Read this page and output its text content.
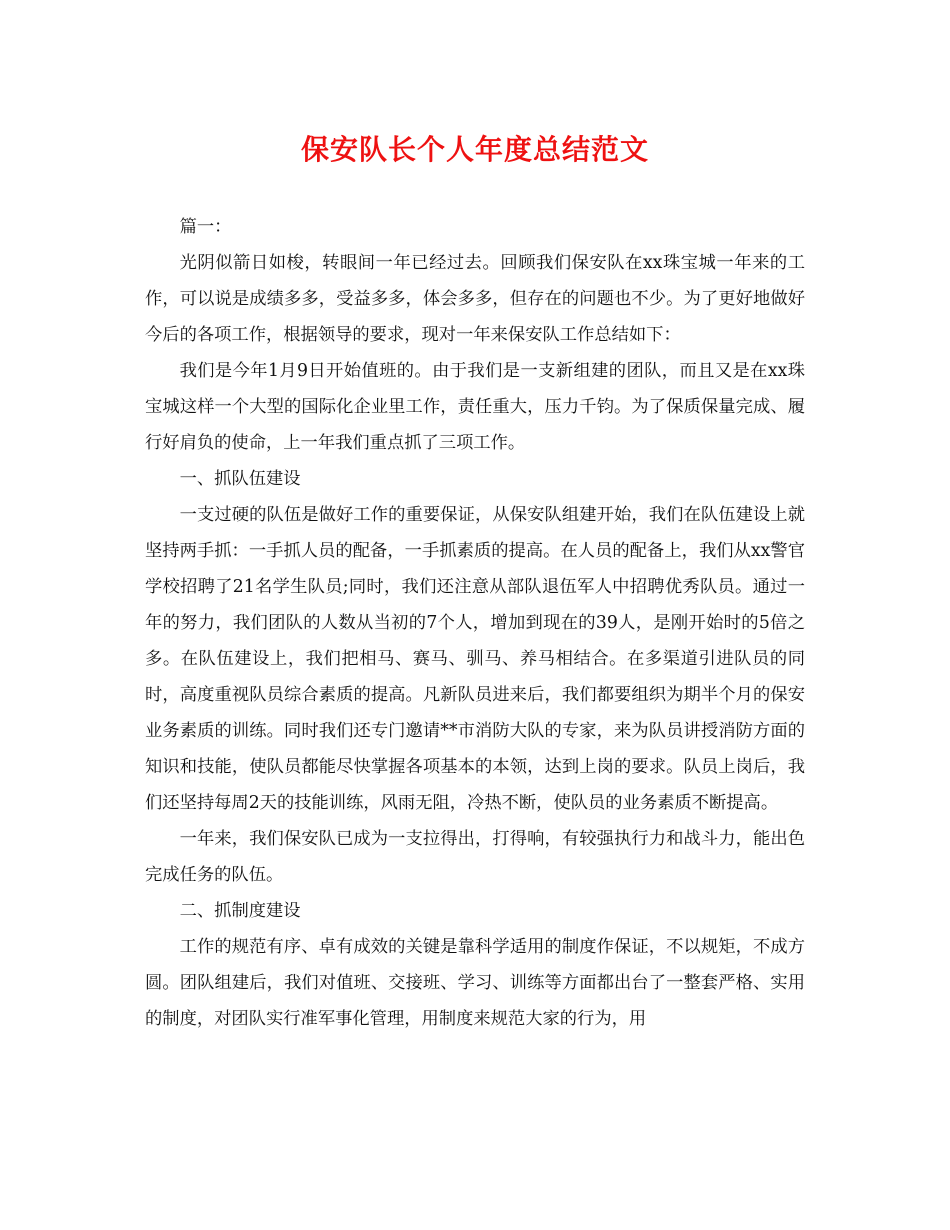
保安队长个人年度总结范文

篇一：

光阴似箭日如梭，转眼间一年已经过去。回顾我们保安队在xx珠宝城一年来的工作，可以说是成绩多多，受益多多，体会多多，但存在的问题也不少。为了更好地做好今后的各项工作，根据领导的要求，现对一年来保安队工作总结如下：

我们是今年1月9日开始值班的。由于我们是一支新组建的团队，而且又是在xx珠宝城这样一个大型的国际化企业里工作，责任重大，压力千钧。为了保质保量完成、履行好肩负的使命，上一年我们重点抓了三项工作。

一、抓队伍建设

一支过硬的队伍是做好工作的重要保证，从保安队组建开始，我们在队伍建设上就坚持两手抓：一手抓人员的配备，一手抓素质的提高。在人员的配备上，我们从xx警官学校招聘了21名学生队员;同时，我们还注意从部队退伍军人中招聘优秀队员。通过一年的努力，我们团队的人数从当初的7个人，增加到现在的39人，是刚开始时的5倍之多。在队伍建设上，我们把相马、赛马、驯马、养马相结合。在多渠道引进队员的同时，高度重视队员综合素质的提高。凡新队员进来后，我们都要组织为期半个月的保安业务素质的训练。同时我们还专门邀请**市消防大队的专家，来为队员讲授消防方面的知识和技能，使队员都能尽快掌握各项基本的本领，达到上岗的要求。队员上岗后，我们还坚持每周2天的技能训练，风雨无阻，冷热不断，使队员的业务素质不断提高。

一年来，我们保安队已成为一支拉得出，打得响，有较强执行力和战斗力，能出色完成任务的队伍。

二、抓制度建设

工作的规范有序、卓有成效的关键是靠科学适用的制度作保证，不以规矩，不成方圆。团队组建后，我们对值班、交接班、学习、训练等方面都出台了一整套严格、实用的制度，对团队实行准军事化管理，用制度来规范大家的行为，用
